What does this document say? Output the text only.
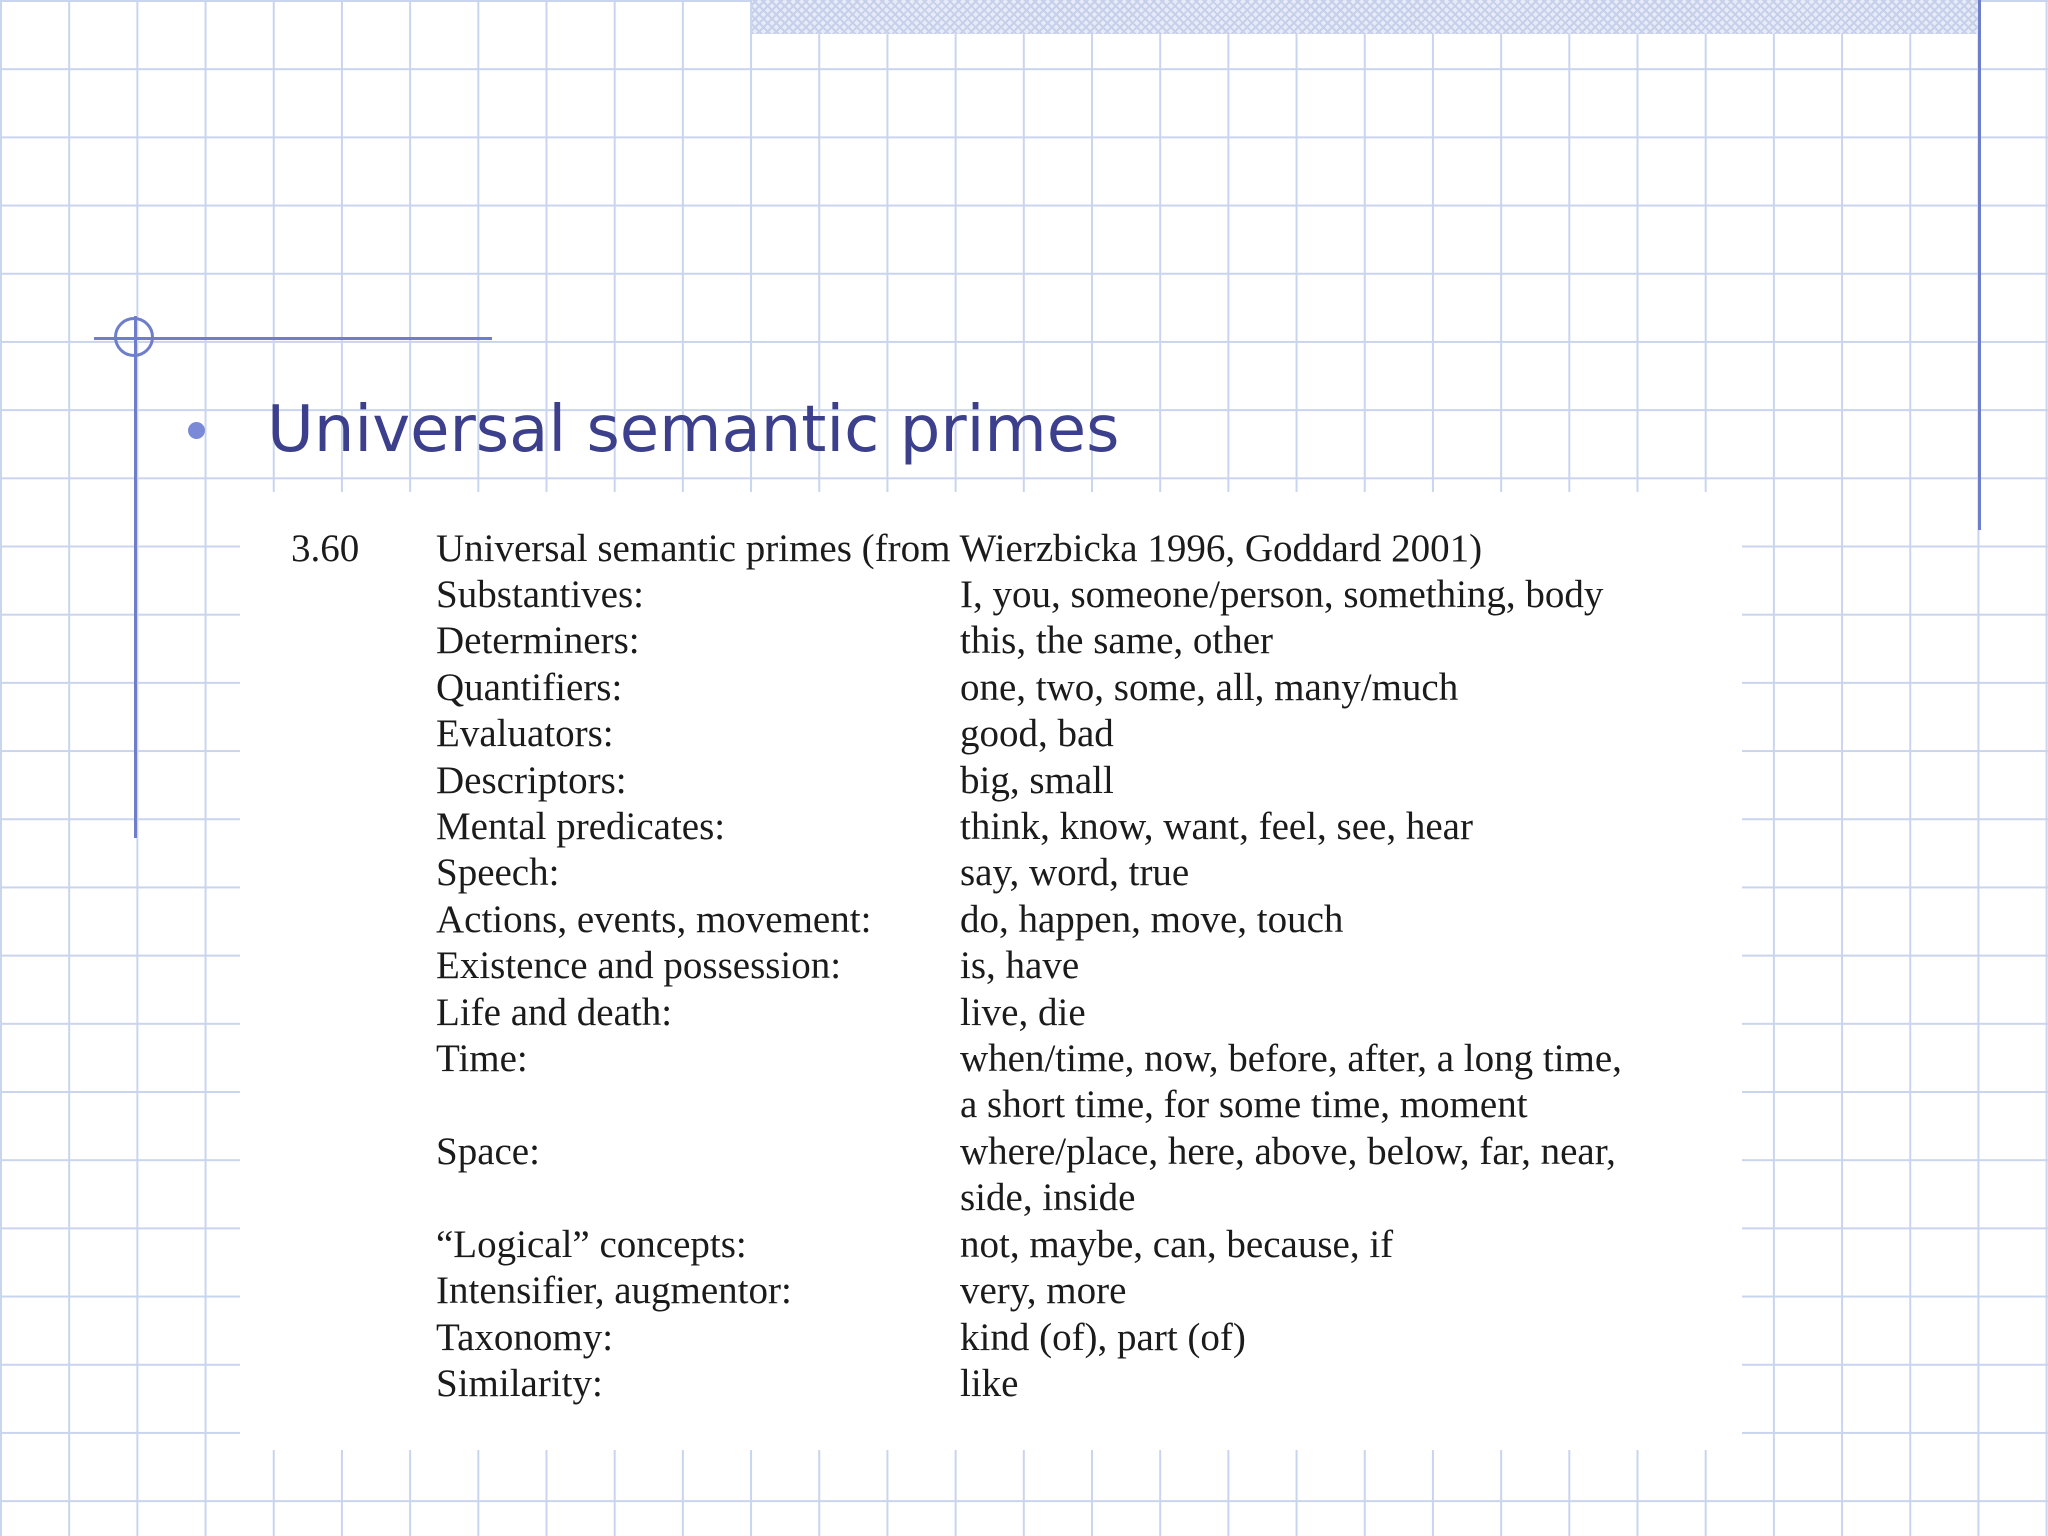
Universal semantic primes
3.60 Universal semantic primes (from Wierzbicka 1996, Goddard 2001)
Substantives:	I, you, someone/person, something, body
Determiners:	this, the same, other
Quantifiers:	one, two, some, all, many/much
Evaluators:	good, bad
Descriptors:	big, small
Mental predicates:	think, know, want, feel, see, hear
Speech:	say, word, true
Actions, events, movement:	do, happen, move, touch
Existence and possession:	is, have
Life and death:	live, die
Time:	when/time, now, before, after, a long time,
a short time, for some time, moment
Space:	where/place, here, above, below, far, near,
side, inside
“Logical” concepts:	not, maybe, can, because, if
Intensifier, augmentor:	very, more
Taxonomy:	kind (of), part (of)
Similarity:	like
